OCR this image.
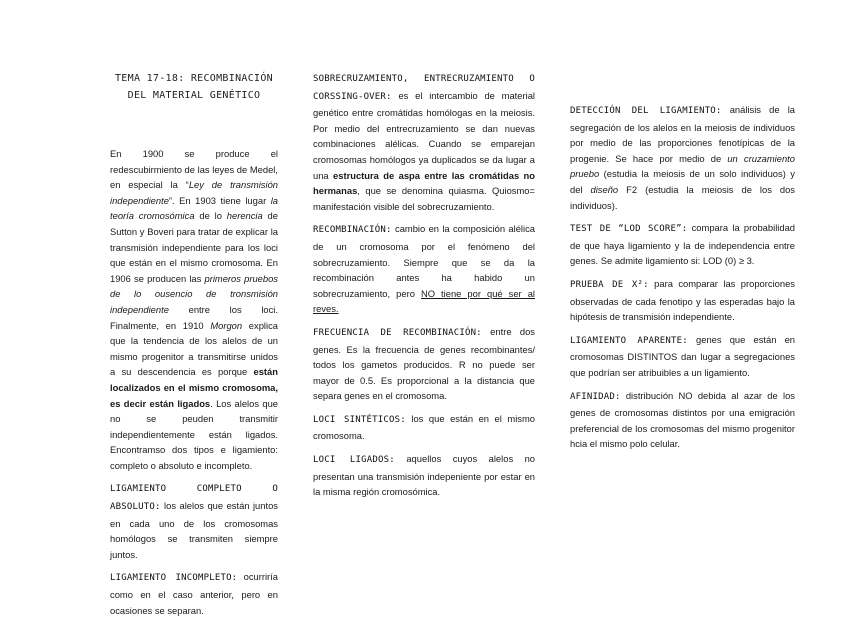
TEMA 17-18: RECOMBINACIÓN DEL MATERIAL GENÉTICO

En 1900 se produce el redescubirmiento de las leyes de Medel, en especial la “Ley de transmisión independiente”. En 1903 tiene lugar la teoría cromosómica de lo herencia de Sutton y Boveri para tratar de explicar la transmisión independiente para los loci que están en el mismo cromosoma. En 1906 se producen las primeros pruebos de lo ousencio de tronsmisión independiente entre los loci. Finalmente, en 1910 Morgon explica que la tendencia de los alelos de un mismo progenitor a transmitirse unidos a su descendencia es porque están localizados en el mismo cromosoma, es decir están ligados. Los alelos que no se peuden transmitir independientemente están ligados. Encontramso dos tipos e ligamiento: completo o absoluto e incompleto.

LIGAMIENTO COMPLETO O ABSOLUTO: los alelos que están juntos en cada uno de los cromosomas homólogos se transmiten siempre juntos.

LIGAMIENTO INCOMPLETO: ocurriría como en el caso anterior, pero en ocasiones se separan.

SOBRECRUZAMIENTO, ENTRECRUZAMIENTO O CORSSING-OVER: es el intercambio de material genético entre cromátidas homólogas en la meiosis. Por medio del entrecruzamiento se dan nuevas combinaciones alélicas. Cuando se emparejan cromosomas homólogos ya duplicados se da lugar a una estructura de aspa entre las cromátidas no hermanas, que se denomina quiasma. Quiosmo= manifestación visible del sobrecruzamiento.

RECOMBINACIÓN: cambio en la composición alélica de un cromosoma por el fenómeno del sobrecruzamiento. Siempre que se da la recombinación antes ha habido un sobrecruzamiento, pero NO tiene por qué ser al reves.

FRECUENCIA DE RECOMBINACIÓN: entre dos genes. Es la frecuencia de genes recombinantes/ todos los gametos producidos. R no puede ser mayor de 0.5. Es proporcional a la distancia que separa genes en el cromosoma.

LOCI SINTÉTICOS: los que están en el mismo cromosoma.

LOCI LIGADOS: aquellos cuyos alelos no presentan una transmisión indepeniente por estar en la misma región cromosómica.

DETECCIÓN DEL LIGAMIENTO: análisis de la segregación de los alelos en la meiosis de individuos por medio de las proporciones fenotípicas de la progenie. Se hace por medio de un cruzamiento pruebo (estudia la meiosis de un solo individuos) y del diseño F2 (estudia la meiosis de los dos individuos).

TEST DE “LOD SCORE”: compara la probabilidad de que haya ligamiento y la de independencia entre genes. Se admite ligamiento si: LOD (0) ≥ 3.

PRUEBA DE X²: para comparar las proporciones observadas de cada fenotipo y las esperadas bajo la hipótesis de transmisión independiente.

LIGAMIENTO APARENTE: genes que están en cromosomas DISTINTOS dan lugar a segregaciones que podrían ser atribuibles a un ligamiento.

AFINIDAD: distribución NO debida al azar de los genes de cromosomas distintos por una emigración preferencial de los cromosomas del mismo progenitor hcia el mismo polo celular.
